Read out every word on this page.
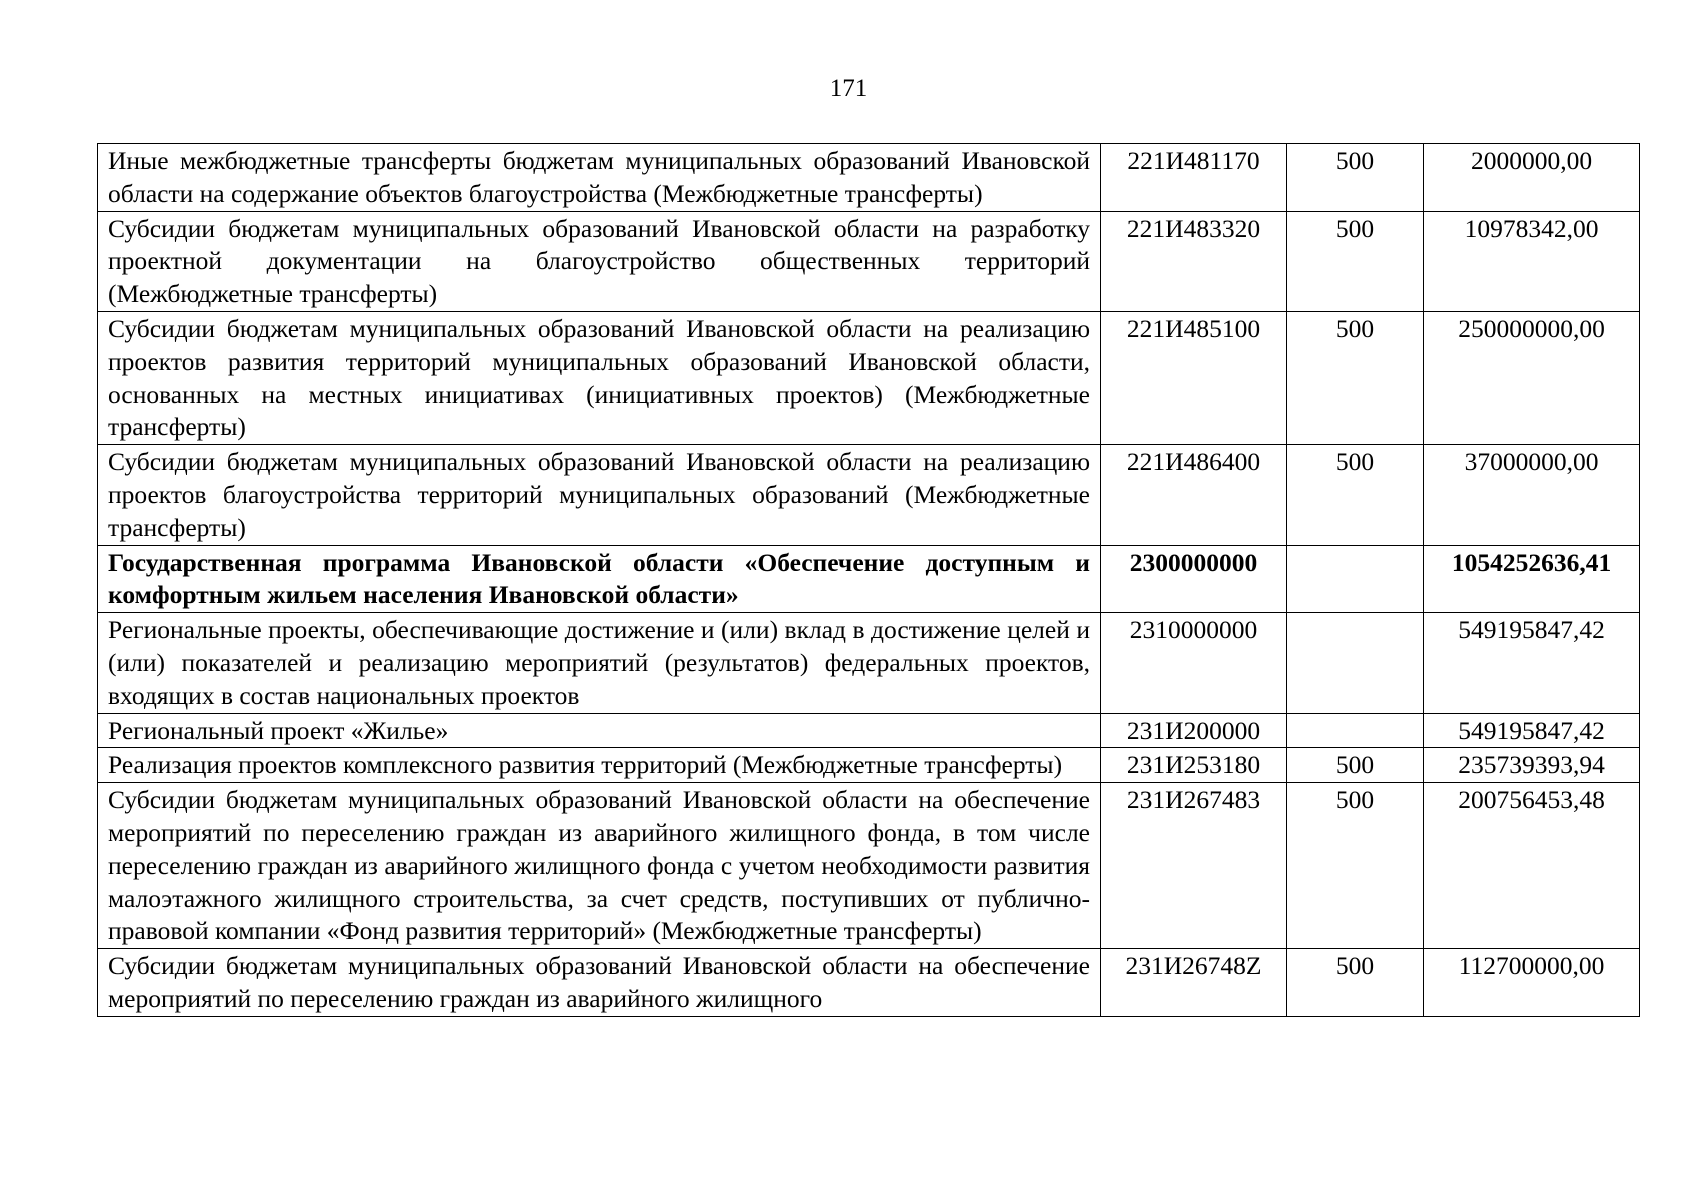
171
Иные межбюджетные трансферты бюджетам муниципальных образований Ивановской области на содержание объектов благоустройства (Межбюджетные трансферты)	221И481170	500	2000000,00
Субсидии бюджетам муниципальных образований Ивановской области на разработку проектной документации на благоустройство общественных территорий (Межбюджетные трансферты)	221И483320	500	10978342,00
Субсидии бюджетам муниципальных образований Ивановской области на реализацию проектов развития территорий муниципальных образований Ивановской области, основанных на местных инициативах (инициативных проектов) (Межбюджетные трансферты)	221И485100	500	250000000,00
Субсидии бюджетам муниципальных образований Ивановской области на реализацию проектов благоустройства территорий муниципальных образований (Межбюджетные трансферты)	221И486400	500	37000000,00
Государственная программа Ивановской области «Обеспечение доступным и комфортным жильем населения Ивановской области»	2300000000		1054252636,41
Региональные проекты, обеспечивающие достижение и (или) вклад в достижение целей и (или) показателей и реализацию мероприятий (результатов) федеральных проектов, входящих в состав национальных проектов	2310000000		549195847,42
Региональный проект «Жилье»	231И200000		549195847,42
Реализация проектов комплексного развития территорий (Межбюджетные трансферты)	231И253180	500	235739393,94
Субсидии бюджетам муниципальных образований Ивановской области на обеспечение мероприятий по переселению граждан из аварийного жилищного фонда, в том числе переселению граждан из аварийного жилищного фонда с учетом необходимости развития малоэтажного жилищного строительства, за счет средств, поступивших от публично-правовой компании «Фонд развития территорий» (Межбюджетные трансферты)	231И267483	500	200756453,48
Субсидии бюджетам муниципальных образований Ивановской области на обеспечение мероприятий по переселению граждан из аварийного жилищного	231И26748Z	500	112700000,00
